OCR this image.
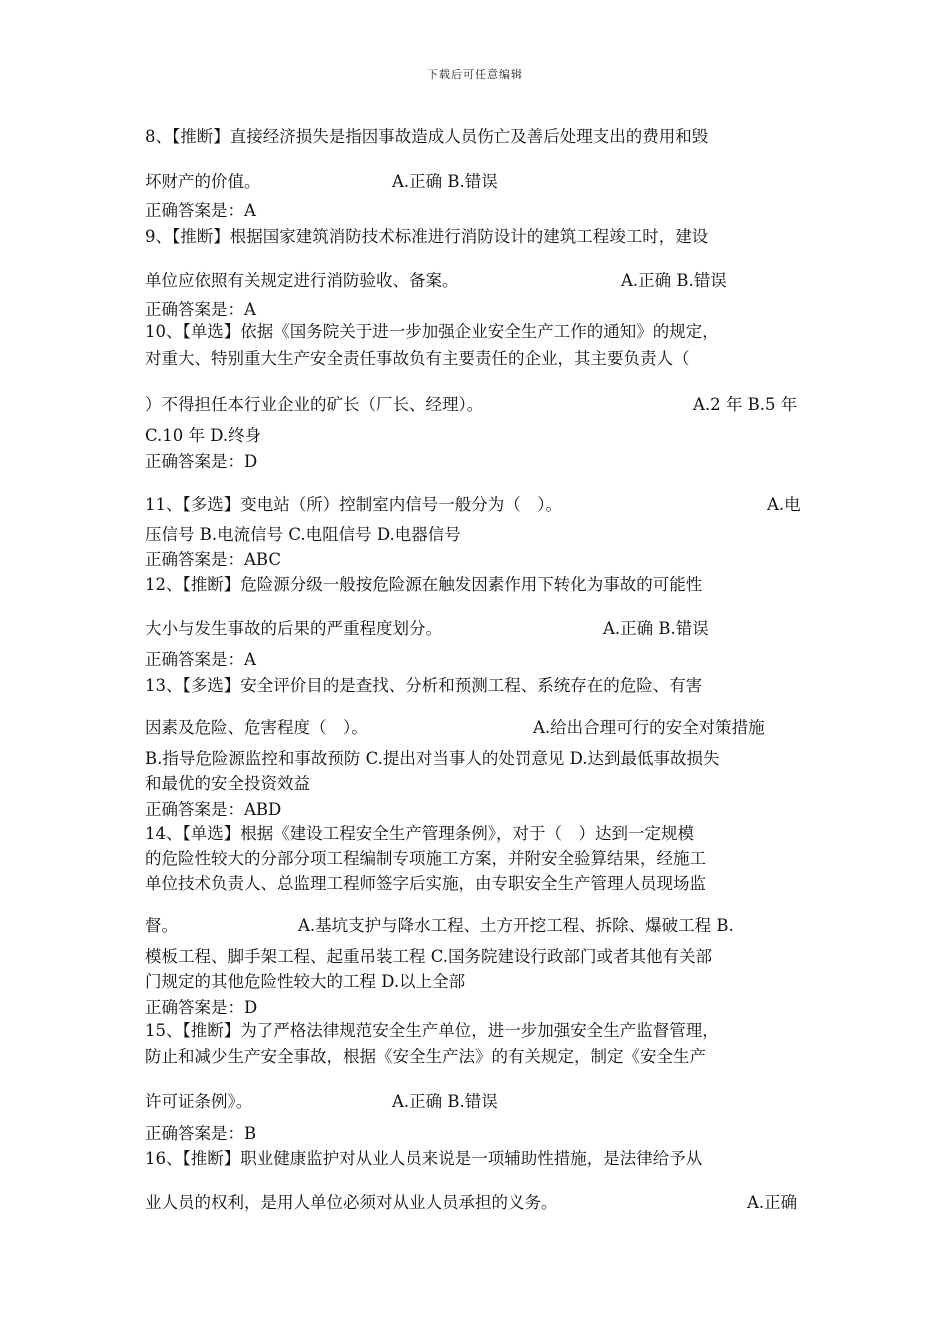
下载后可任意编辑
8、【推断】直接经济损失是指因事故造成人员伤亡及善后处理支出的费用和毁
坏财产的价值。	A.正确 B.错误
正确答案是：A
9、【推断】根据国家建筑消防技术标准进行消防设计的建筑工程竣工时，建设
单位应依照有关规定进行消防验收、备案。	A.正确 B.错误
正确答案是：A
10、【单选】依据《国务院关于进一步加强企业安全生产工作的通知》的规定，
对重大、特别重大生产安全责任事故负有主要责任的企业，其主要负责人（
）不得担任本行业企业的矿长（厂长、经理）。	A.2 年 B.5 年
C.10 年 D.终身
正确答案是：D
11、【多选】变电站（所）控制室内信号一般分为（　）。	A.电
压信号 B.电流信号 C.电阻信号 D.电器信号
正确答案是：ABC
12、【推断】危险源分级一般按危险源在触发因素作用下转化为事故的可能性
大小与发生事故的后果的严重程度划分。	A.正确 B.错误
正确答案是：A
13、【多选】安全评价目的是查找、分析和预测工程、系统存在的危险、有害
因素及危险、危害程度（　）。	A.给出合理可行的安全对策措施
B.指导危险源监控和事故预防 C.提出对当事人的处罚意见 D.达到最低事故损失
和最优的安全投资效益
正确答案是：ABD
14、【单选】根据《建设工程安全生产管理条例》，对于（　）达到一定规模
的危险性较大的分部分项工程编制专项施工方案，并附安全验算结果，经施工
单位技术负责人、总监理工程师签字后实施，由专职安全生产管理人员现场监
督。	A.基坑支护与降水工程、土方开挖工程、拆除、爆破工程 B.
模板工程、脚手架工程、起重吊装工程 C.国务院建设行政部门或者其他有关部
门规定的其他危险性较大的工程 D.以上全部
正确答案是：D
15、【推断】为了严格法律规范安全生产单位，进一步加强安全生产监督管理，
防止和减少生产安全事故，根据《安全生产法》的有关规定，制定《安全生产
许可证条例》。	A.正确 B.错误
正确答案是：B
16、【推断】职业健康监护对从业人员来说是一项辅助性措施，是法律给予从
业人员的权利，是用人单位必须对从业人员承担的义务。	A.正确
